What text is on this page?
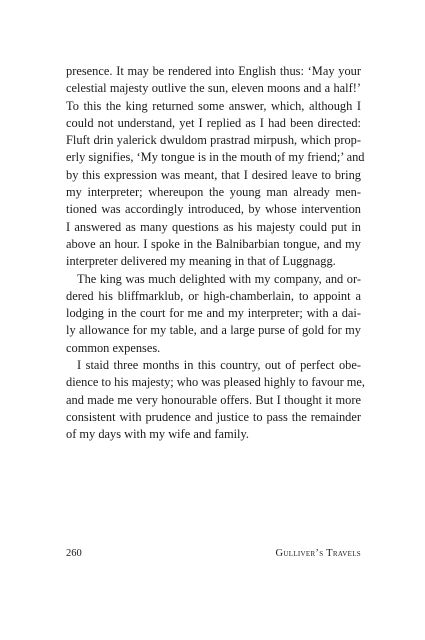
presence. It may be rendered into English thus: ‘May your
celestial majesty outlive the sun, eleven moons and a half!’
To this the king returned some answer, which, although I
could not understand, yet I replied as I had been directed:
Fluft drin yalerick dwuldom prastrad mirpush, which prop-
erly signifies, ‘My tongue is in the mouth of my friend;’ and
by this expression was meant, that I desired leave to bring
my interpreter; whereupon the young man already men-
tioned was accordingly introduced, by whose intervention
I answered as many questions as his majesty could put in
above an hour. I spoke in the Balnibarbian tongue, and my
interpreter delivered my meaning in that of Luggnagg.
The king was much delighted with my company, and or-
dered his bliffmarklub, or high-chamberlain, to appoint a
lodging in the court for me and my interpreter; with a dai-
ly allowance for my table, and a large purse of gold for my
common expenses.
I staid three months in this country, out of perfect obe-
dience to his majesty; who was pleased highly to favour me,
and made me very honourable offers. But I thought it more
consistent with prudence and justice to pass the remainder
of my days with my wife and family.
260	Gulliver’s Travels
